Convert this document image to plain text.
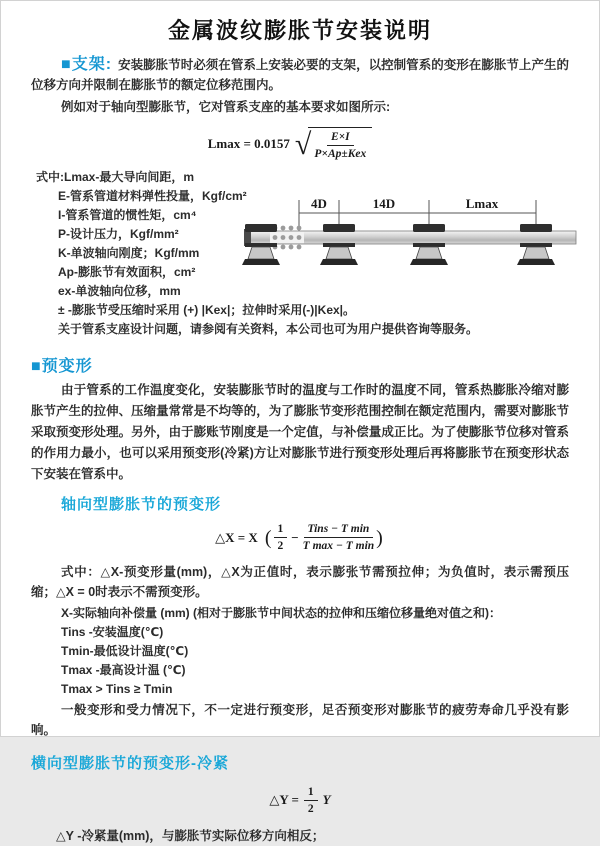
金属波纹膨胀节安装说明

■支架: 安装膨胀节时必须在管系上安装必要的支架，以控制管系的变形在膨胀节上产生的位移方向并限制在膨胀节的额定位移范围内。

例如对于轴向型膨胀节，它对管系支座的基本要求如图所示:

Lmax = 0.0157 √ $\frac{E\times I}{\text{P×Ap±Kex}}$
式中:Lmax-最大导向间距，m
E-管系管道材料弹性投量，Kgf/cm²
I-管系管道的惯性矩，cm⁴
P-设计压力，Kgf/mm²
K-单波轴向刚度；Kgf/mm
Ap-膨胀节有效面积，cm²
ex-单波轴向位移，mm
± -膨胀节受压缩时采用 (+) |Kex|；拉伸时采用(-)|Kex|。
关于管系支座设计问题，请参阅有关资料，本公司也可为用户提供咨询等服务。
4D	14D	Lmax
■预变形

由于管系的工作温度变化，安装膨胀节时的温度与工作时的温度不同，管系热膨胀冷缩对膨胀节产生的拉伸、压缩量常常是不均等的，为了膨胀节变形范围控制在额定范围内，需要对膨胀节采取预变形处理。另外，由于膨账节刚度是一个定值，与补偿量成正比。为了使膨胀节位移对管系的作用力最小，也可以采用预变形(冷紧)方让对膨胀节进行预变形处理后再将膨胀节在预变形状态下安装在管系中。

轴向型膨胀节的预变形
△X = X ( $\frac{1}{2} - \frac{\text{Tins − T min}}{\text{T max − T min}}$ )

式中：△X-预变形量(mm)，△X为正值时，表示膨张节需预拉伸；为负值时，表示需预压缩；△X = 0时表示不需预变形。

X-实际轴向补偿量 (mm) (相对于膨胀节中间状态的拉伸和压缩位移量绝对值之和)：
Tins -安装温度(℃)
Tmin-最低设计温度(℃)
Tmax -最高设计温 (℃)
Tmax > Tins ≥ Tmin

一般变形和受力情况下，不一定进行预变形，足否预变形对膨胀节的疲劳寿命几乎没有影响。

横向型膨胀节的预变形-冷紧
△Y = $\frac{1}{2}$ Y

△Y -冷紧量(mm)，与膨胀节实际位移方向相反；
